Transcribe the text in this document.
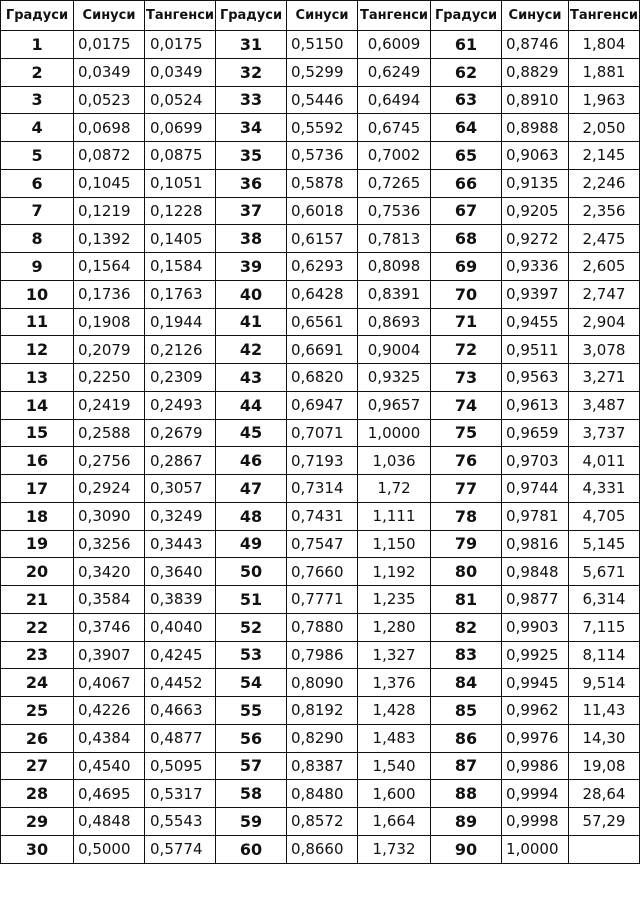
Градуси	Синуси	Тангенси	Градуси	Синуси	Тангенси	Градуси	Синуси	Тангенси
1	0,0175	0,0175	31	0,5150	0,6009	61	0,8746	1,804
2	0,0349	0,0349	32	0,5299	0,6249	62	0,8829	1,881
3	0,0523	0,0524	33	0,5446	0,6494	63	0,8910	1,963
4	0,0698	0,0699	34	0,5592	0,6745	64	0,8988	2,050
5	0,0872	0,0875	35	0,5736	0,7002	65	0,9063	2,145
6	0,1045	0,1051	36	0,5878	0,7265	66	0,9135	2,246
7	0,1219	0,1228	37	0,6018	0,7536	67	0,9205	2,356
8	0,1392	0,1405	38	0,6157	0,7813	68	0,9272	2,475
9	0,1564	0,1584	39	0,6293	0,8098	69	0,9336	2,605
10	0,1736	0,1763	40	0,6428	0,8391	70	0,9397	2,747
11	0,1908	0,1944	41	0,6561	0,8693	71	0,9455	2,904
12	0,2079	0,2126	42	0,6691	0,9004	72	0,9511	3,078
13	0,2250	0,2309	43	0,6820	0,9325	73	0,9563	3,271
14	0,2419	0,2493	44	0,6947	0,9657	74	0,9613	3,487
15	0,2588	0,2679	45	0,7071	1,0000	75	0,9659	3,737
16	0,2756	0,2867	46	0,7193	1,036	76	0,9703	4,011
17	0,2924	0,3057	47	0,7314	1,72	77	0,9744	4,331
18	0,3090	0,3249	48	0,7431	1,111	78	0,9781	4,705
19	0,3256	0,3443	49	0,7547	1,150	79	0,9816	5,145
20	0,3420	0,3640	50	0,7660	1,192	80	0,9848	5,671
21	0,3584	0,3839	51	0,7771	1,235	81	0,9877	6,314
22	0,3746	0,4040	52	0,7880	1,280	82	0,9903	7,115
23	0,3907	0,4245	53	0,7986	1,327	83	0,9925	8,114
24	0,4067	0,4452	54	0,8090	1,376	84	0,9945	9,514
25	0,4226	0,4663	55	0,8192	1,428	85	0,9962	11,43
26	0,4384	0,4877	56	0,8290	1,483	86	0,9976	14,30
27	0,4540	0,5095	57	0,8387	1,540	87	0,9986	19,08
28	0,4695	0,5317	58	0,8480	1,600	88	0,9994	28,64
29	0,4848	0,5543	59	0,8572	1,664	89	0,9998	57,29
30	0,5000	0,5774	60	0,8660	1,732	90	1,0000	
